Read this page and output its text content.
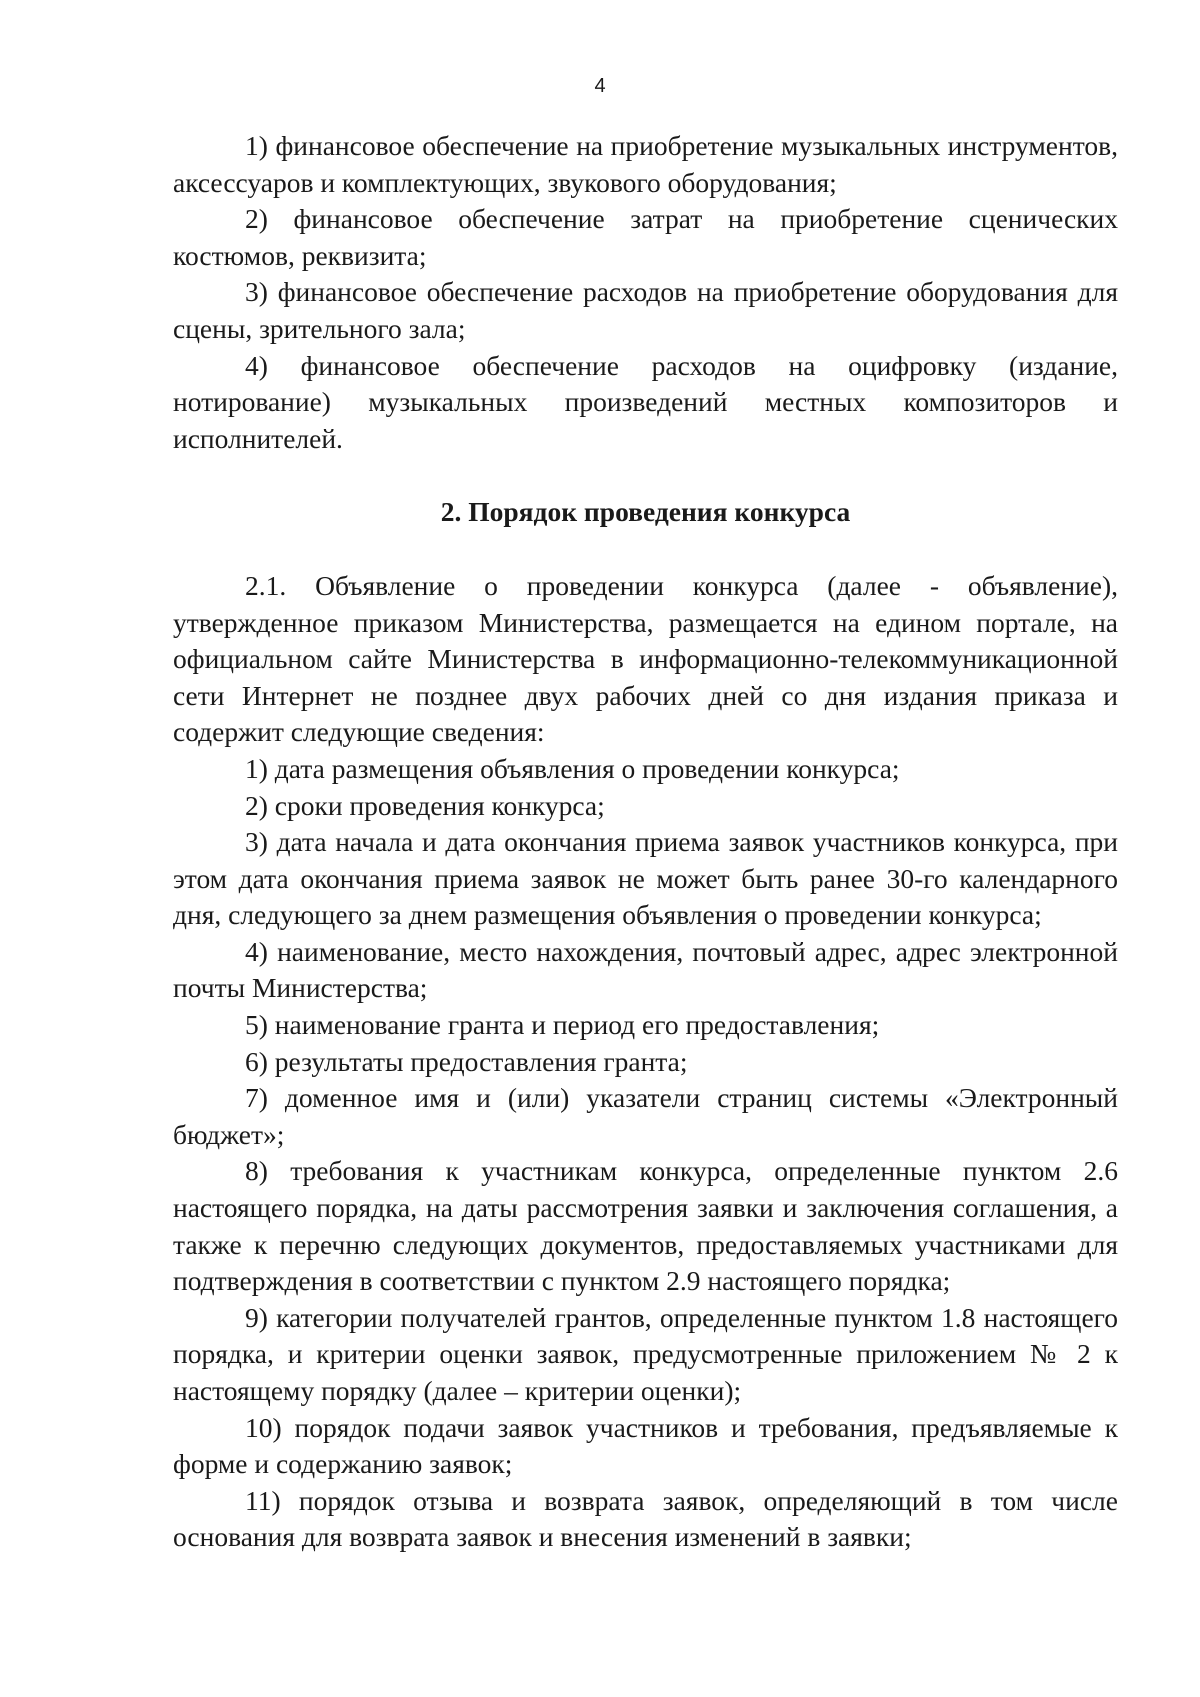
4

1) финансовое обеспечение на приобретение музыкальных инструментов, аксессуаров и комплектующих, звукового оборудования;

2) финансовое обеспечение затрат на приобретение сценических костюмов, реквизита;

3) финансовое обеспечение расходов на приобретение оборудования для сцены, зрительного зала;

4) финансовое обеспечение расходов на оцифровку (издание, нотирование) музыкальных произведений местных композиторов и исполнителей.

2. Порядок проведения конкурса

2.1. Объявление о проведении конкурса (далее - объявление), утвержденное приказом Министерства, размещается на едином портале, на официальном сайте Министерства в информационно-телекоммуникационной сети Интернет не позднее двух рабочих дней со дня издания приказа и содержит следующие сведения:

1) дата размещения объявления о проведении конкурса;

2) сроки проведения конкурса;

3) дата начала и дата окончания приема заявок участников конкурса, при этом дата окончания приема заявок не может быть ранее 30-го календарного дня, следующего за днем размещения объявления о проведении конкурса;

4) наименование, место нахождения, почтовый адрес, адрес электронной почты Министерства;

5) наименование гранта и период его предоставления;

6) результаты предоставления гранта;

7) доменное имя и (или) указатели страниц системы «Электронный бюджет»;

8) требования к участникам конкурса, определенные пунктом 2.6 настоящего порядка, на даты рассмотрения заявки и заключения соглашения, а также к перечню следующих документов, предоставляемых участниками для подтверждения в соответствии с пунктом 2.9 настоящего порядка;

9) категории получателей грантов, определенные пунктом 1.8 настоящего порядка, и критерии оценки заявок, предусмотренные приложением № 2 к настоящему порядку (далее – критерии оценки);

10) порядок подачи заявок участников и требования, предъявляемые к форме и содержанию заявок;

11) порядок отзыва и возврата заявок, определяющий в том числе основания для возврата заявок и внесения изменений в заявки;
